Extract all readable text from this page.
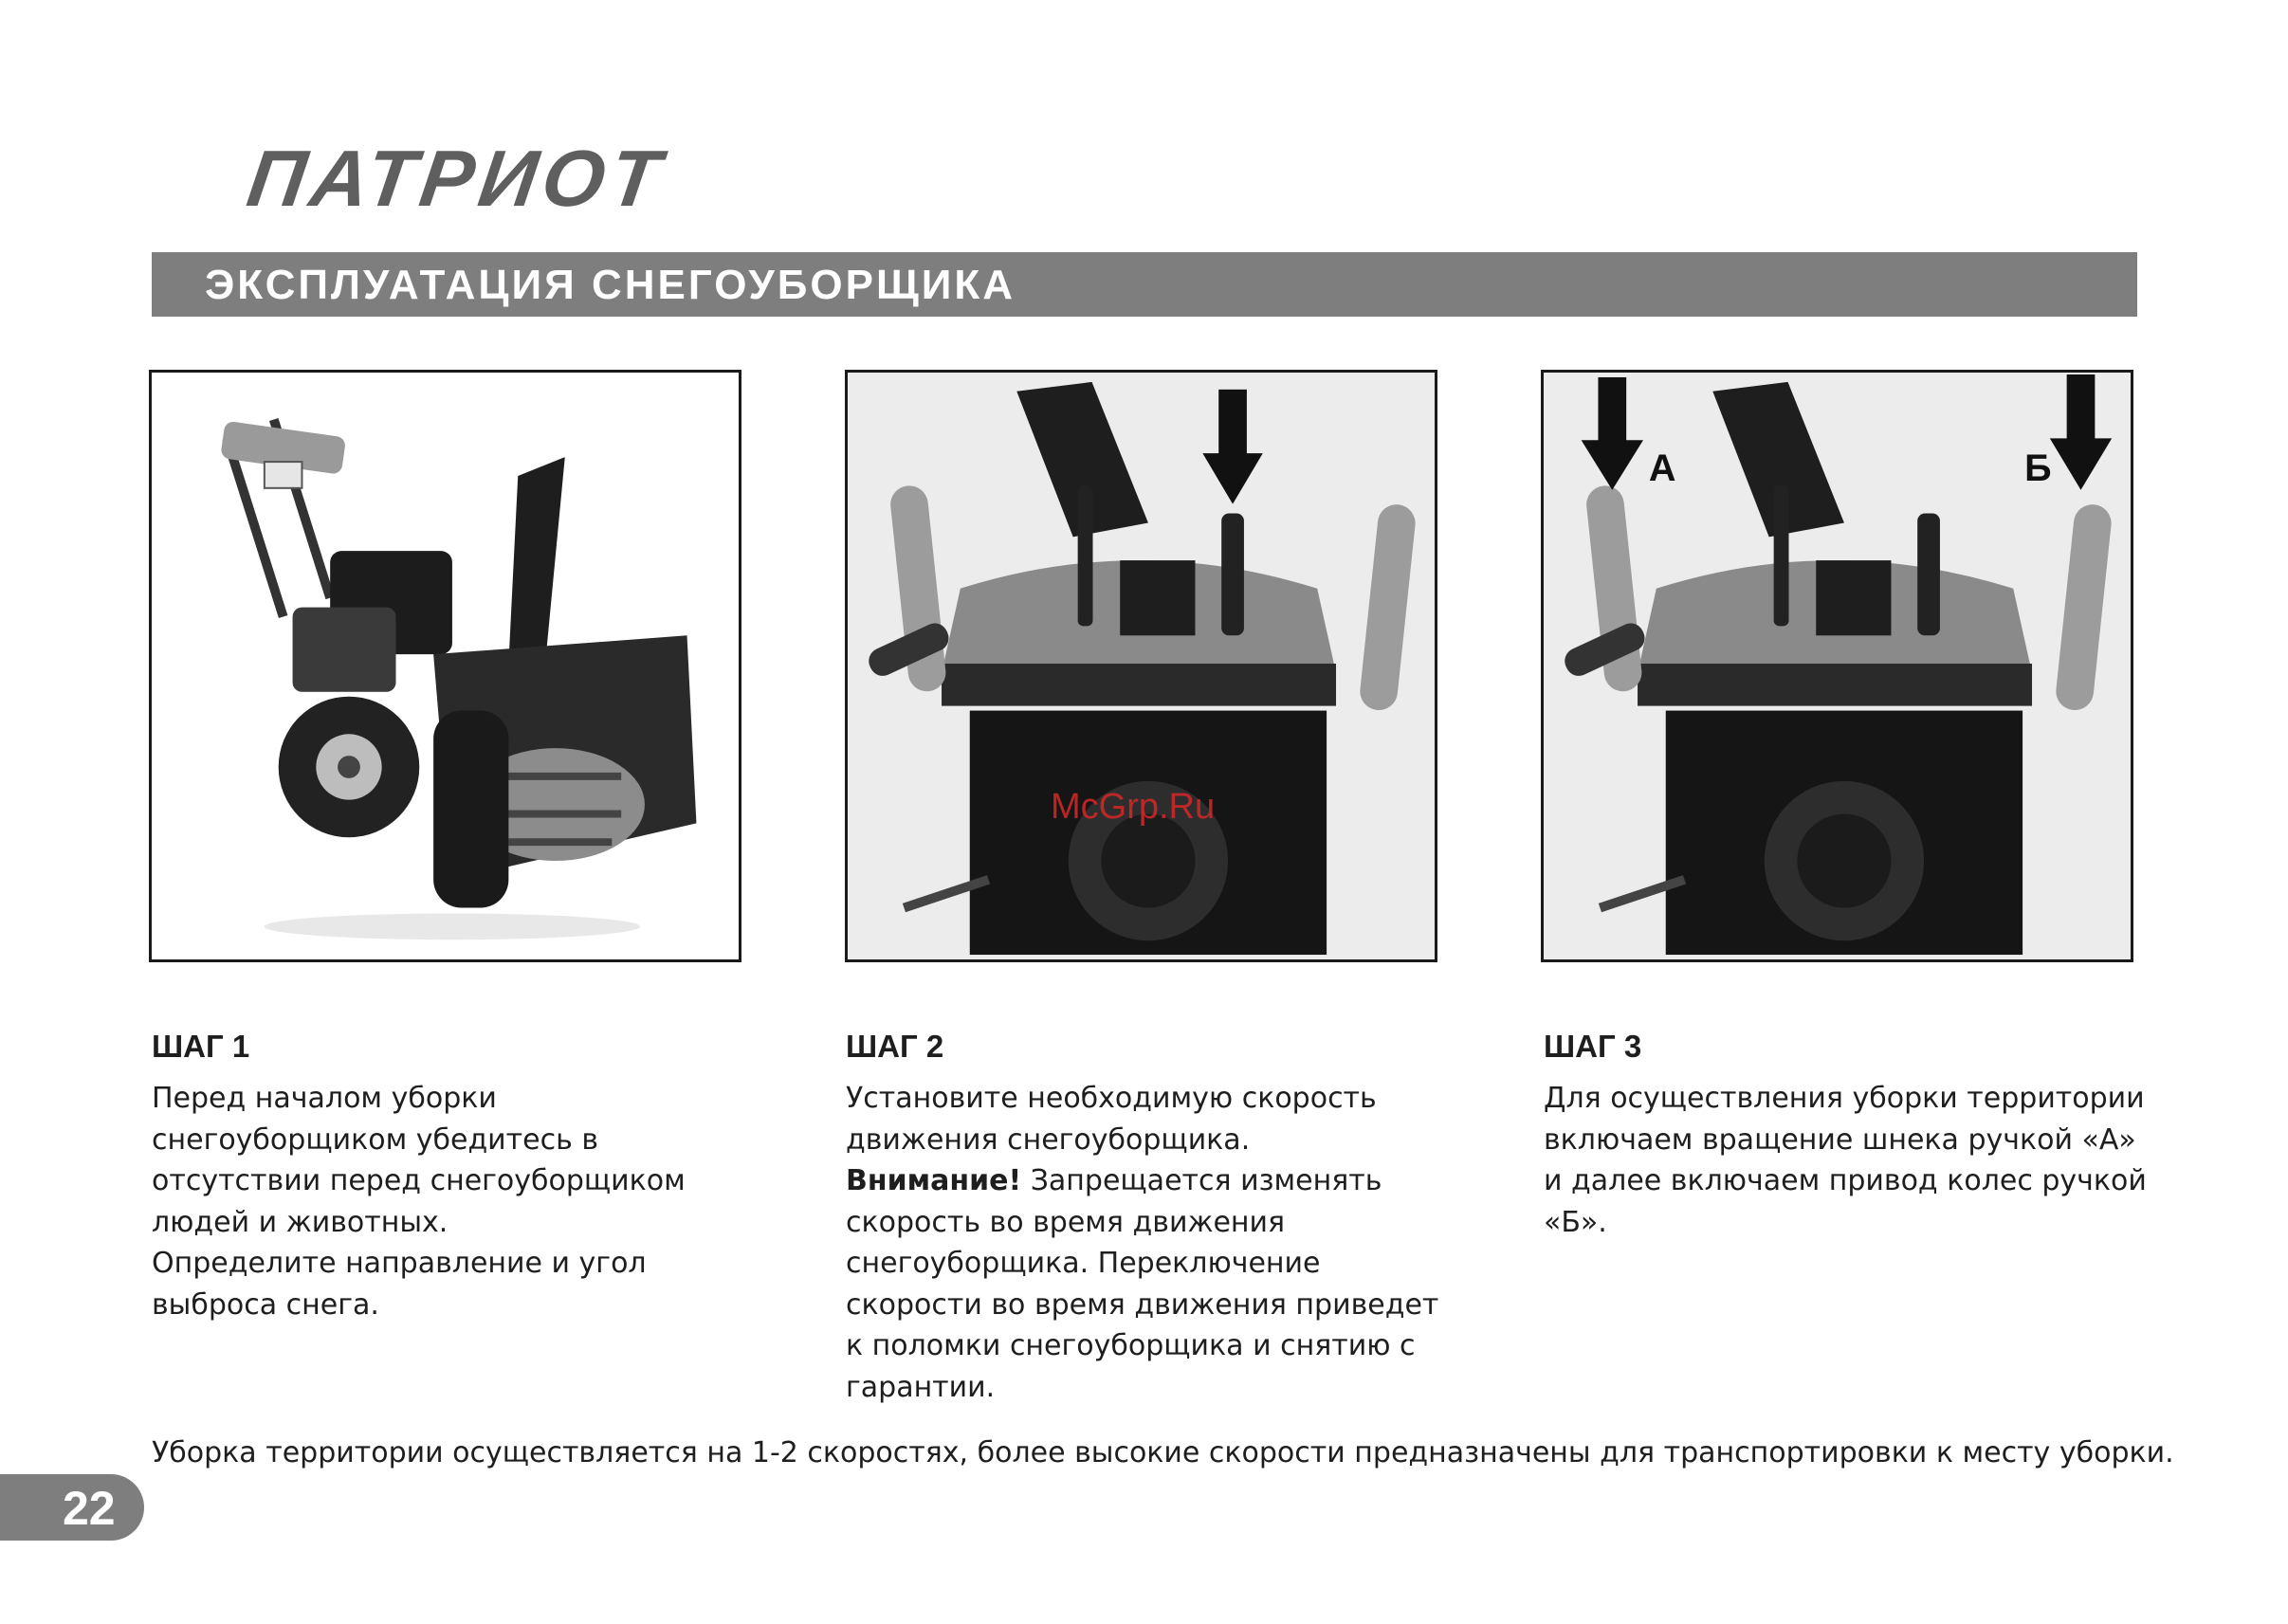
ПАТРИОТ
ЭКСПЛУАТАЦИЯ СНЕГОУБОРЩИКА
McGrp.Ru
А	Б
ШАГ 1

Перед началом уборки

снегоуборщиком убедитесь в

отсутствии перед снегоуборщиком

людей и животных.

Определите направление и угол

выброса снега.

ШАГ 2

Установите необходимую скорость

движения снегоуборщика.

Внимание! Запрещается изменять

скорость во время движения

снегоуборщика. Переключение

скорости во время движения приведет

к поломки снегоуборщика и снятию с

гарантии.

ШАГ 3

Для осуществления уборки территории

включаем вращение шнека ручкой «А»

и далее включаем привод колес ручкой

«Б».

Уборка территории осуществляется на 1-2 скоростях, более высокие скорости предназначены для транспортировки к месту уборки.
22
